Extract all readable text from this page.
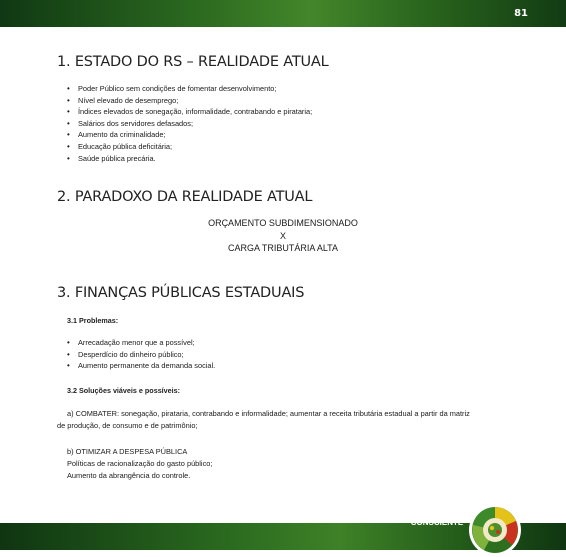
81
1. ESTADO DO RS – REALIDADE ATUAL
• Poder Público sem condições de fomentar desenvolvimento;
• Nível elevado de desemprego;
• Índices elevados de sonegação, informalidade, contrabando e pirataria;
• Salários dos servidores defasados;
• Aumento da criminalidade;
• Educação pública deficitária;
• Saúde pública precária.
2. PARADOXO DA REALIDADE ATUAL
ORÇAMENTO SUBDIMENSIONADO
X
CARGA TRIBUTÁRIA ALTA
3. FINANÇAS PÚBLICAS ESTADUAIS
3.1 Problemas:
• Arrecadação menor que a possível;
• Desperdício do dinheiro público;
• Aumento permanente da demanda social.
3.2 Soluções viáveis e possíveis:
a) COMBATER: sonegação, pirataria, contrabando e informalidade; aumentar a receita tributária estadual a partir da matriz
de produção, de consumo e de patrimônio;
b) OTIMIZAR A DESPESA PÚBLICA
Políticas de racionalização do gasto público;
Aumento da abrangência do controle.
SOCIEDADE
CONSCIENTE
